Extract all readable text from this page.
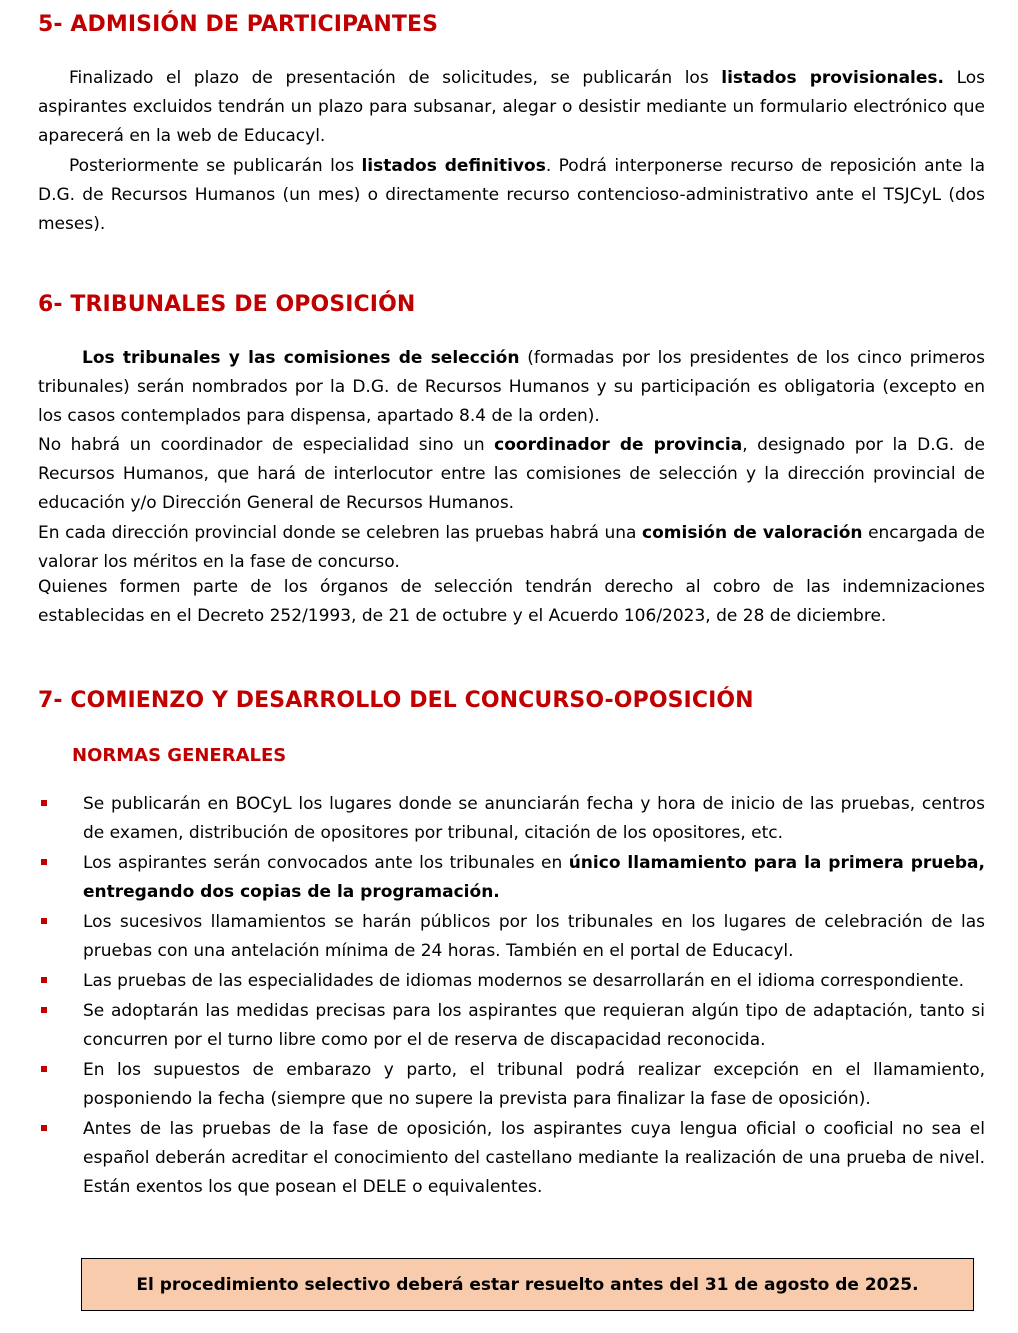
5- ADMISIÓN DE PARTICIPANTES

Finalizado el plazo de presentación de solicitudes, se publicarán los listados provisionales. Los aspirantes excluidos tendrán un plazo para subsanar, alegar o desistir mediante un formulario electrónico que aparecerá en la web de Educacyl.

Posteriormente se publicarán los listados definitivos. Podrá interponerse recurso de reposición ante la D.G. de Recursos Humanos (un mes) o directamente recurso contencioso-administrativo ante el TSJCyL (dos meses).

6- TRIBUNALES DE OPOSICIÓN

Los tribunales y las comisiones de selección (formadas por los presidentes de los cinco primeros tribunales) serán nombrados por la D.G. de Recursos Humanos y su participación es obligatoria (excepto en los casos contemplados para dispensa, apartado 8.4 de la orden).

No habrá un coordinador de especialidad sino un coordinador de provincia, designado por la D.G. de Recursos Humanos, que hará de interlocutor entre las comisiones de selección y la dirección provincial de educación y/o Dirección General de Recursos Humanos.

En cada dirección provincial donde se celebren las pruebas habrá una comisión de valoración encargada de valorar los méritos en la fase de concurso.

Quienes formen parte de los órganos de selección tendrán derecho al cobro de las indemnizaciones establecidas en el Decreto 252/1993, de 21 de octubre y el Acuerdo 106/2023, de 28 de diciembre.

7- COMIENZO Y DESARROLLO DEL CONCURSO-OPOSICIÓN
NORMAS GENERALES
Se publicarán en BOCyL los lugares donde se anunciarán fecha y hora de inicio de las pruebas, centros de examen, distribución de opositores por tribunal, citación de los opositores, etc.
Los aspirantes serán convocados ante los tribunales en único llamamiento para la primera prueba, entregando dos copias de la programación.
Los sucesivos llamamientos se harán públicos por los tribunales en los lugares de celebración de las pruebas con una antelación mínima de 24 horas. También en el portal de Educacyl.
Las pruebas de las especialidades de idiomas modernos se desarrollarán en el idioma correspondiente.
Se adoptarán las medidas precisas para los aspirantes que requieran algún tipo de adaptación, tanto si concurren por el turno libre como por el de reserva de discapacidad reconocida.
En los supuestos de embarazo y parto, el tribunal podrá realizar excepción en el llamamiento, posponiendo la fecha (siempre que no supere la prevista para finalizar la fase de oposición).
Antes de las pruebas de la fase de oposición, los aspirantes cuya lengua oficial o cooficial no sea el español deberán acreditar el conocimiento del castellano mediante la realización de una prueba de nivel. Están exentos los que posean el DELE o equivalentes.
El procedimiento selectivo deberá estar resuelto antes del 31 de agosto de 2025.
